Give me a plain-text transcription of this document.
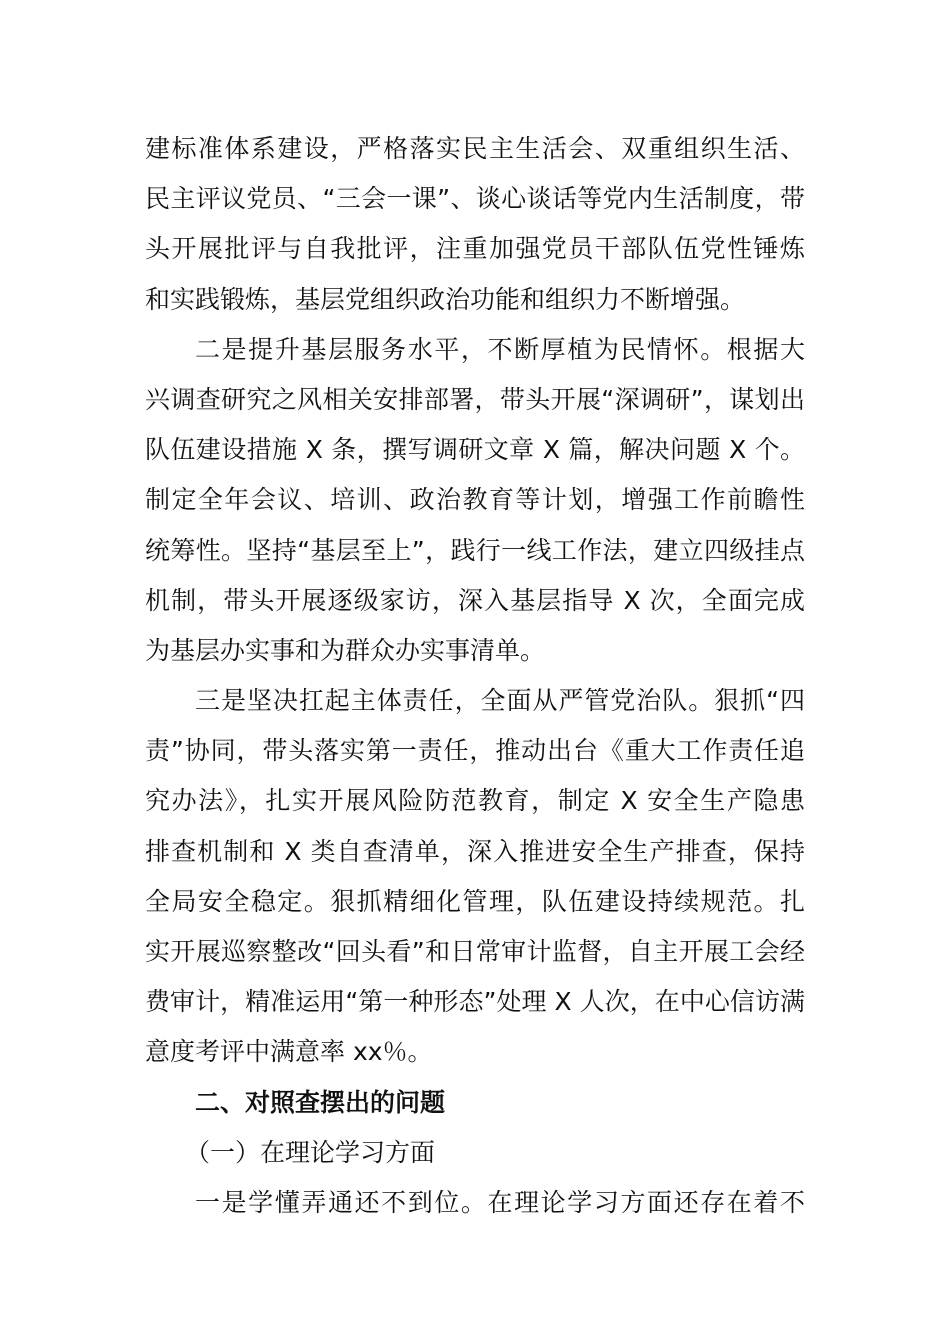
建标准体系建设，严格落实民主生活会、双重组织生活、
民主评议党员、“三会一课”、谈心谈话等党内生活制度，带
头开展批评与自我批评，注重加强党员干部队伍党性锤炼
和实践锻炼，基层党组织政治功能和组织力不断增强。
二是提升基层服务水平，不断厚植为民情怀。根据大
兴调查研究之风相关安排部署，带头开展“深调研”，谋划出
队伍建设措施 X 条，撰写调研文章 X 篇，解决问题 X 个。
制定全年会议、培训、政治教育等计划，增强工作前瞻性
统筹性。坚持“基层至上”，践行一线工作法，建立四级挂点
机制，带头开展逐级家访，深入基层指导 X 次，全面完成
为基层办实事和为群众办实事清单。
三是坚决扛起主体责任，全面从严管党治队。狠抓“四
责”协同，带头落实第一责任，推动出台《重大工作责任追
究办法》，扎实开展风险防范教育，制定 X 安全生产隐患
排查机制和 X 类自查清单，深入推进安全生产排查，保持
全局安全稳定。狠抓精细化管理，队伍建设持续规范。扎
实开展巡察整改“回头看”和日常审计监督，自主开展工会经
费审计，精准运用“第一种形态”处理 X 人次，在中心信访满
意度考评中满意率 xx％。
二、对照查摆出的问题
（一）在理论学习方面
一是学懂弄通还不到位。在理论学习方面还存在着不
